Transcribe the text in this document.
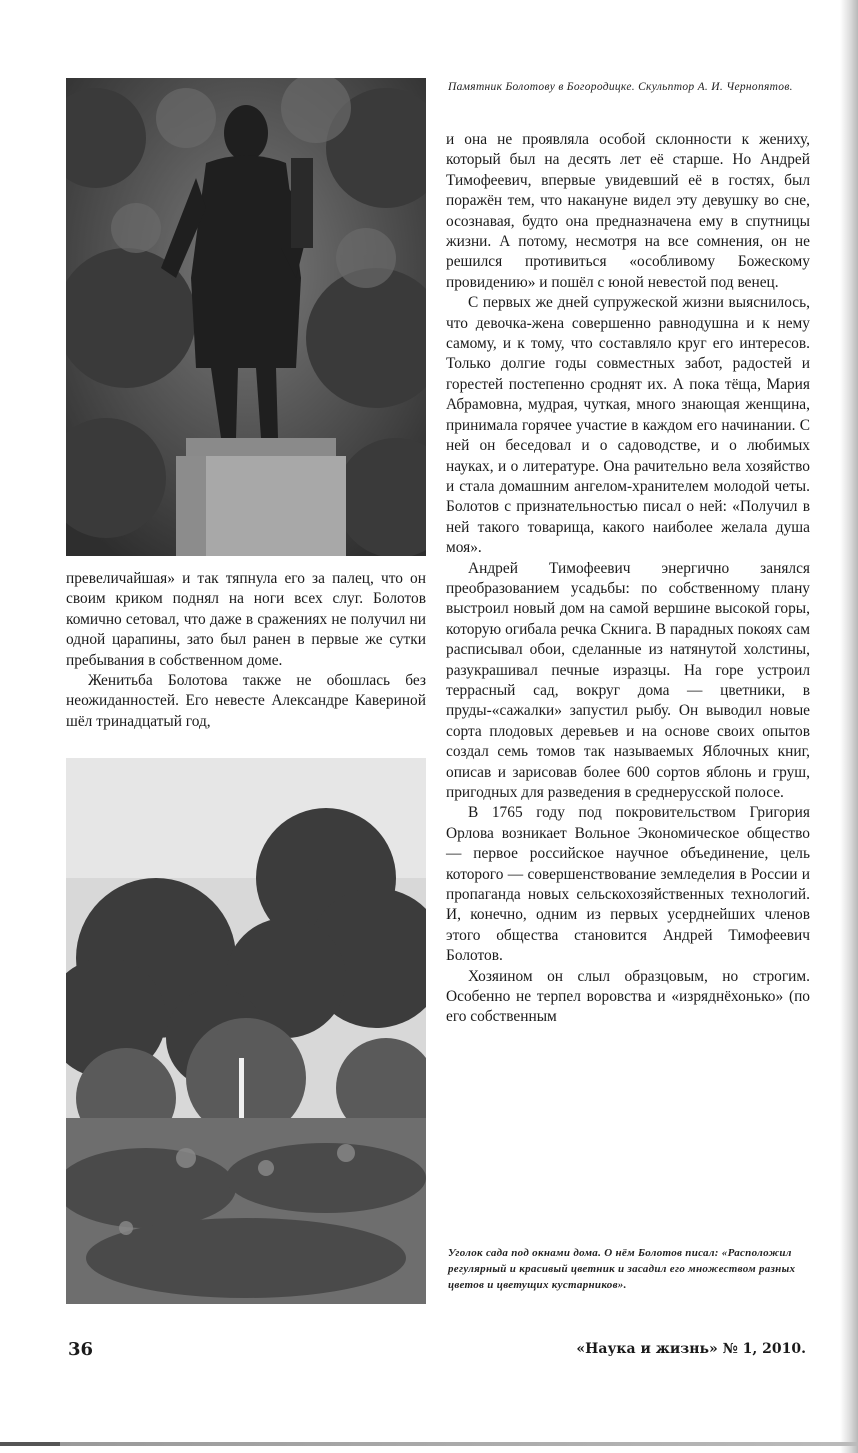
Памятник Болотову в Богородицке. Скульптор А. И. Чернопятов.

превеличайшая» и так тяпнула его за палец, что он своим криком поднял на ноги всех слуг. Болотов комично сетовал, что даже в сражениях не получил ни одной царапины, зато был ранен в первые же сутки пребывания в собственном доме.

Женитьба Болотова также не обошлась без неожиданностей. Его невесте Александре Кавериной шёл тринадцатый год,

и она не проявляла особой склонности к жениху, который был на десять лет её старше. Но Андрей Тимофеевич, впервые увидевший её в гостях, был поражён тем, что накануне видел эту девушку во сне, осознавая, будто она предназначена ему в спутницы жизни. А потому, несмотря на все сомнения, он не решился противиться «особливому Божескому провидению» и пошёл с юной невестой под венец.

С первых же дней супружеской жизни выяснилось, что девочка-жена совершенно равнодушна и к нему самому, и к тому, что составляло круг его интересов. Только долгие годы совместных забот, радостей и горестей постепенно сроднят их. А пока тёща, Мария Абрамовна, мудрая, чуткая, много знающая женщина, принимала горячее участие в каждом его начинании. С ней он беседовал и о садоводстве, и о любимых науках, и о литературе. Она рачительно вела хозяйство и стала домашним ангелом-хранителем молодой четы. Болотов с признательностью писал о ней: «Получил в ней такого товарища, какого наиболее желала душа моя».

Андрей Тимофеевич энергично занялся преобразованием усадьбы: по собственному плану выстроил новый дом на самой вершине высокой горы, которую огибала речка Скнига. В парадных покоях сам расписывал обои, сделанные из натянутой холстины, разукрашивал печные изразцы. На горе устроил террасный сад, вокруг дома — цветники, в пруды-«сажалки» запустил рыбу. Он выводил новые сорта плодовых деревьев и на основе своих опытов создал семь томов так называемых Яблочных книг, описав и зарисовав более 600 сортов яблонь и груш, пригодных для разведения в среднерусской полосе.

В 1765 году под покровительством Григория Орлова возникает Вольное Экономическое общество — первое российское научное объединение, цель которого — совершенствование земледелия в России и пропаганда новых сельскохозяйственных технологий. И, конечно, одним из первых усерднейших членов этого общества становится Андрей Тимофеевич Болотов.

Хозяином он слыл образцовым, но строгим. Особенно не терпел воровства и «изряднёхонько» (по его собственным

Уголок сада под окнами дома. О нём Болотов писал: «Расположил регулярный и красивый цветник и засадил его множеством разных цветов и цветущих кустарников».
36	«Наука и жизнь» № 1, 2010.
